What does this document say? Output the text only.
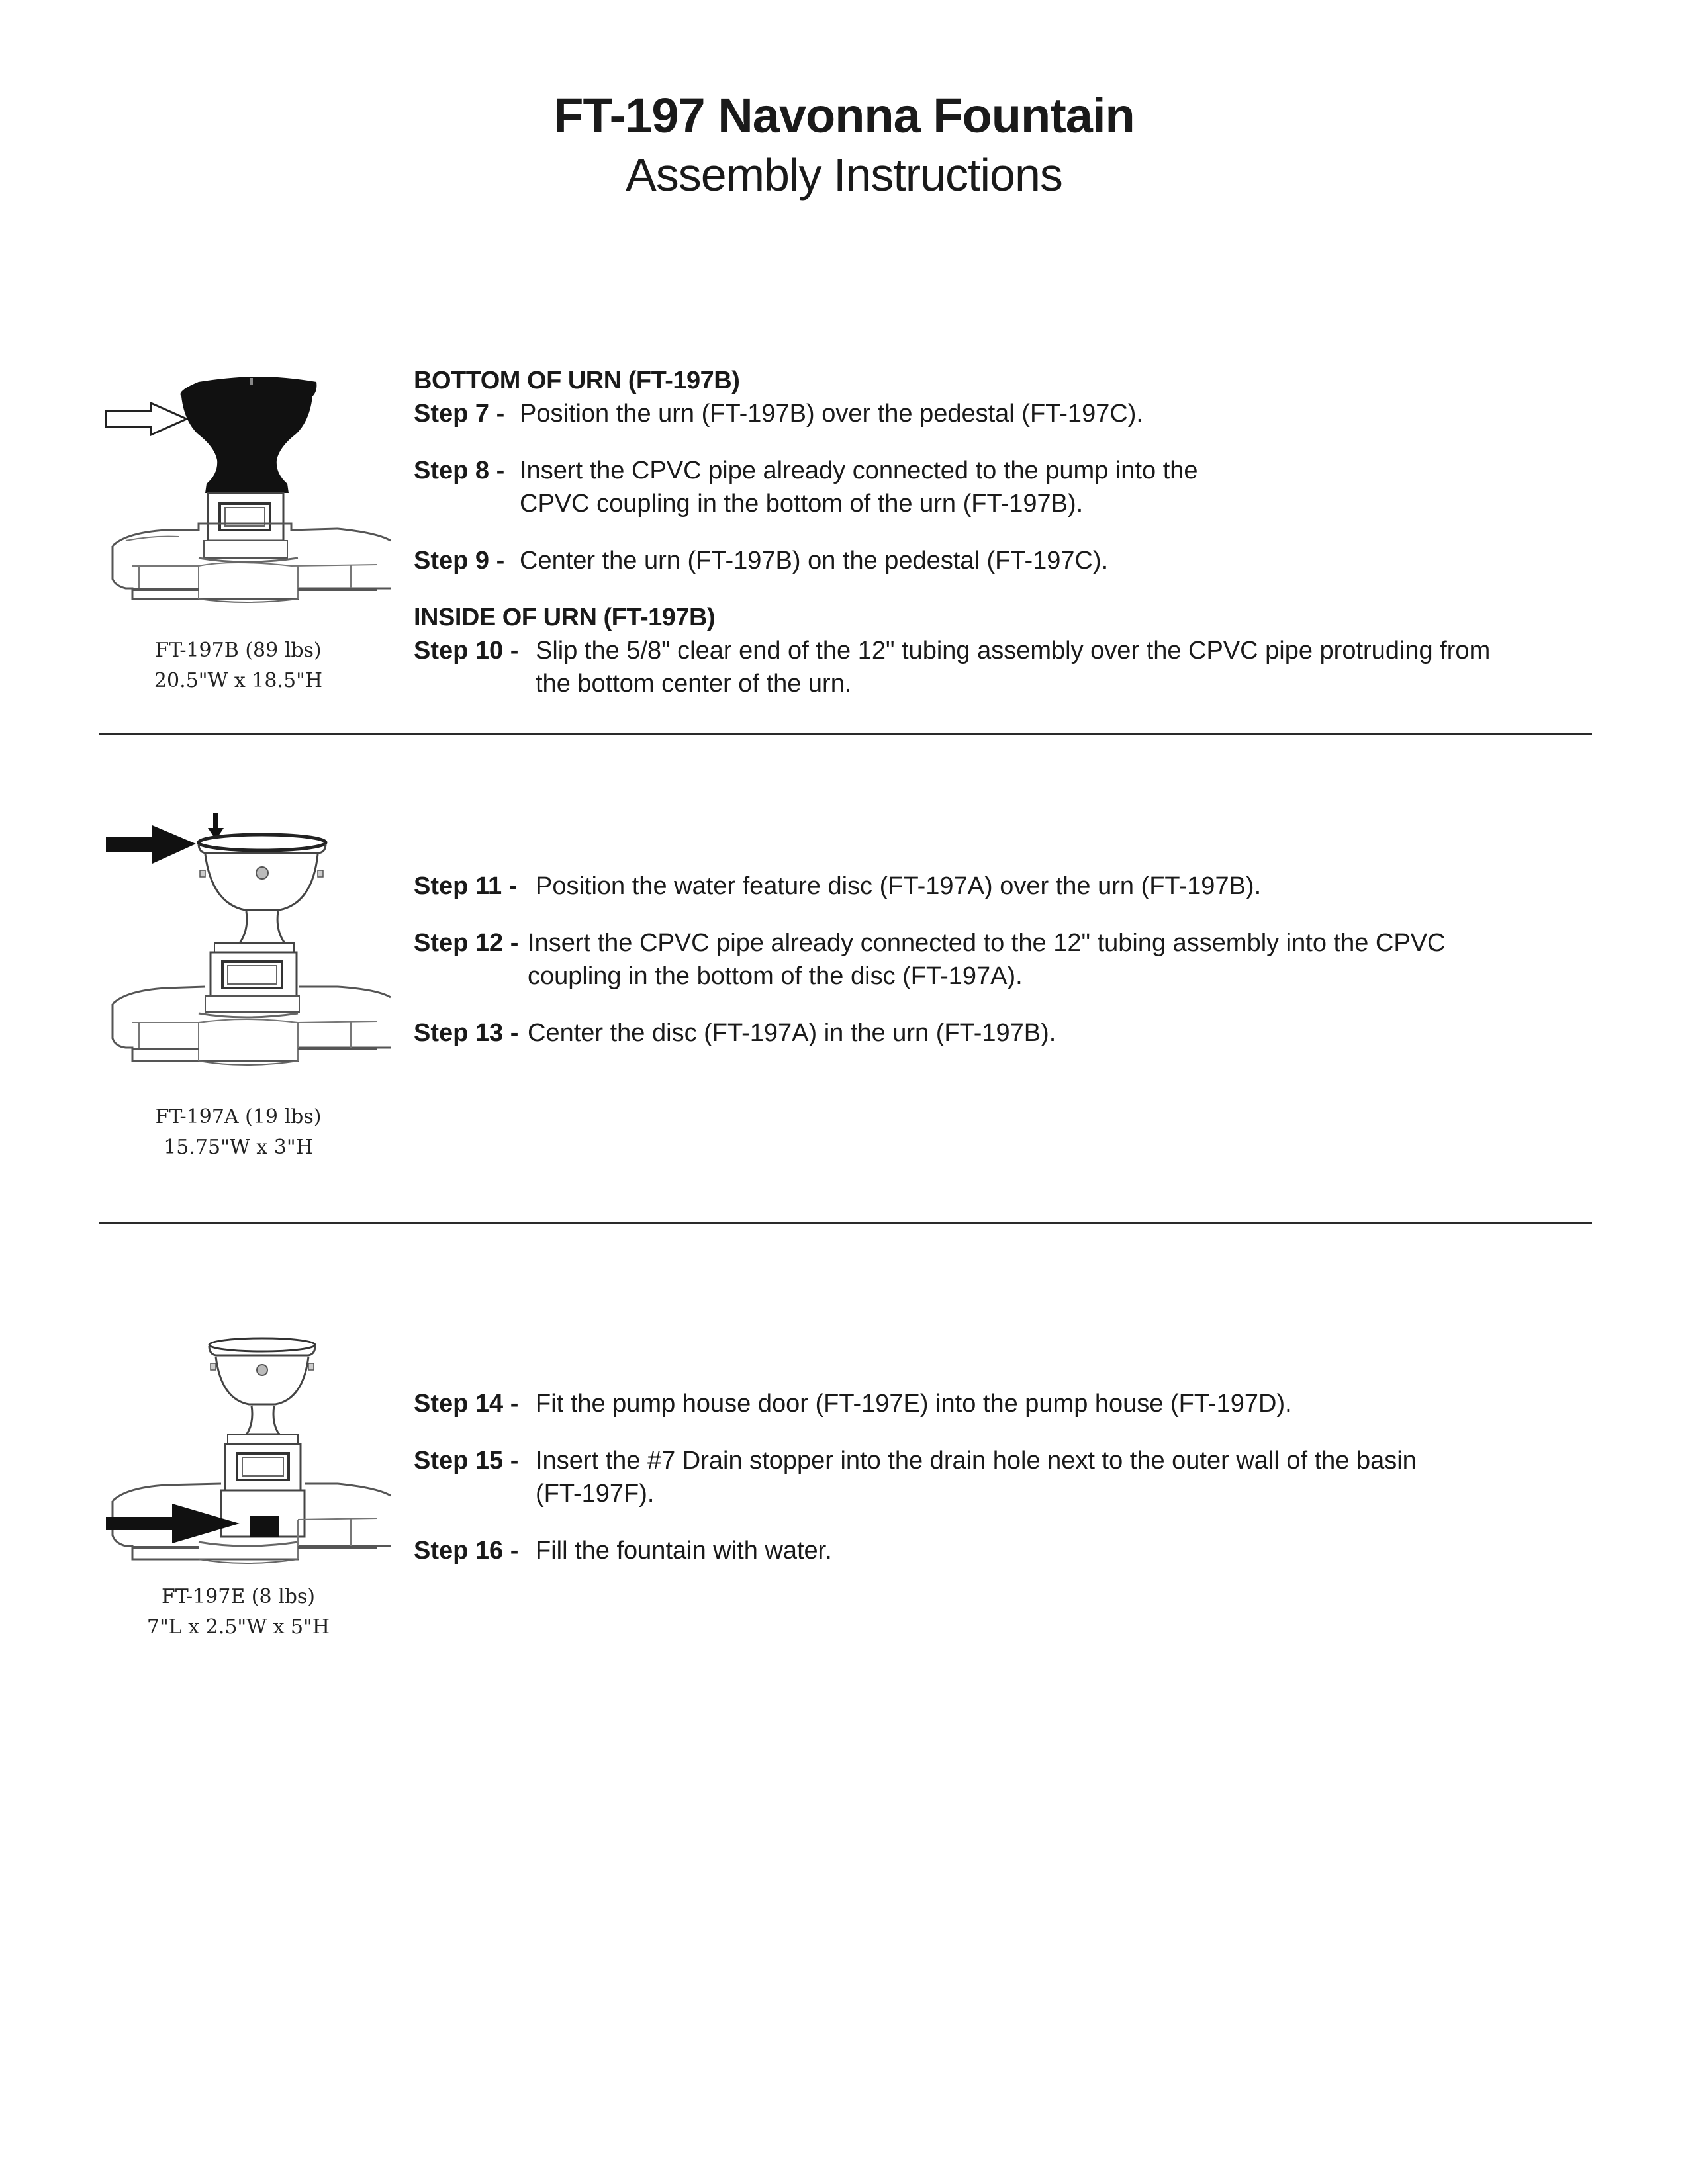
FT-197 Navonna Fountain
Assembly Instructions
FT-197B (89 lbs)
20.5"W x 18.5"H
BOTTOM OF URN (FT-197B)
Step 7 - Position the urn (FT-197B) over the pedestal (FT-197C).
Step 8 - Insert the CPVC pipe already connected to the pump into the
CPVC coupling in the bottom of the urn (FT-197B).
Step 9 - Center the urn (FT-197B) on the pedestal (FT-197C).
INSIDE OF URN (FT-197B)
Step 10 - Slip the 5/8" clear end of the 12" tubing assembly over the CPVC pipe protruding from
the bottom center of the urn.
FT-197A (19 lbs)
15.75"W x 3"H
Step 11 - Position the water feature disc (FT-197A) over the urn (FT-197B).
Step 12 - Insert the CPVC pipe already connected to the 12" tubing assembly into the CPVC
coupling in the bottom of the disc (FT-197A).
Step 13 - Center the disc (FT-197A) in the urn (FT-197B).
FT-197E (8 lbs)
7"L x 2.5"W x 5"H
Step 14 - Fit the pump house door (FT-197E) into the pump house (FT-197D).
Step 15 - Insert the #7 Drain stopper into the drain hole next to the outer wall of the basin
(FT-197F).
Step 16 - Fill the fountain with water.
